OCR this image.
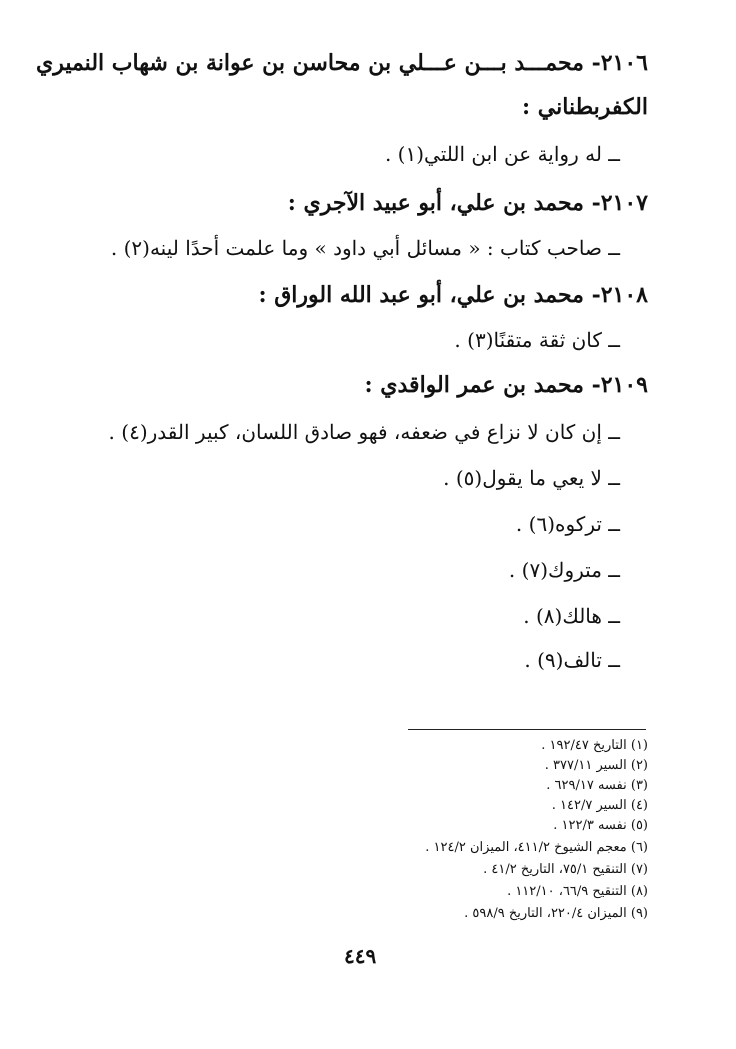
٢١٠٦- محمـــد بـــن عـــلي بن محاسن بن عوانة بن شهاب النميري
الكفربطناني :
ــ له رواية عن ابن اللتي(١) .
٢١٠٧- محمد بن علي، أبو عبيد الآجري :
ــ صاحب كتاب : « مسائل أبي داود » وما علمت أحدًا لينه(٢) .
٢١٠٨- محمد بن علي، أبو عبد الله الوراق :
ــ كان ثقة متقنًا(٣) .
٢١٠٩- محمد بن عمر الواقدي :
ــ إن كان لا نزاع في ضعفه، فهو صادق اللسان، كبير القدر(٤) .
ــ لا يعي ما يقول(٥) .
ــ تركوه(٦) .
ــ متروك(٧) .
ــ هالك(٨) .
ــ تالف(٩) .
(١) التاريخ ١٩٢/٤٧ .
(٢) السير ٣٧٧/١١ .
(٣) نفسه ٦٢٩/١٧ .
(٤) السير ١٤٢/٧ .
(٥) نفسه ١٢٢/٣ .
(٦) معجم الشيوخ ٤١١/٢، الميزان ١٢٤/٢ .
(٧) التنقيح ٧٥/١، التاريخ ٤١/٢ .
(٨) التنقيح ٦٦/٩، ١١٢/١٠ .
(٩) الميزان ٢٢٠/٤، التاريخ ٥٩٨/٩ .
٤٤٩
